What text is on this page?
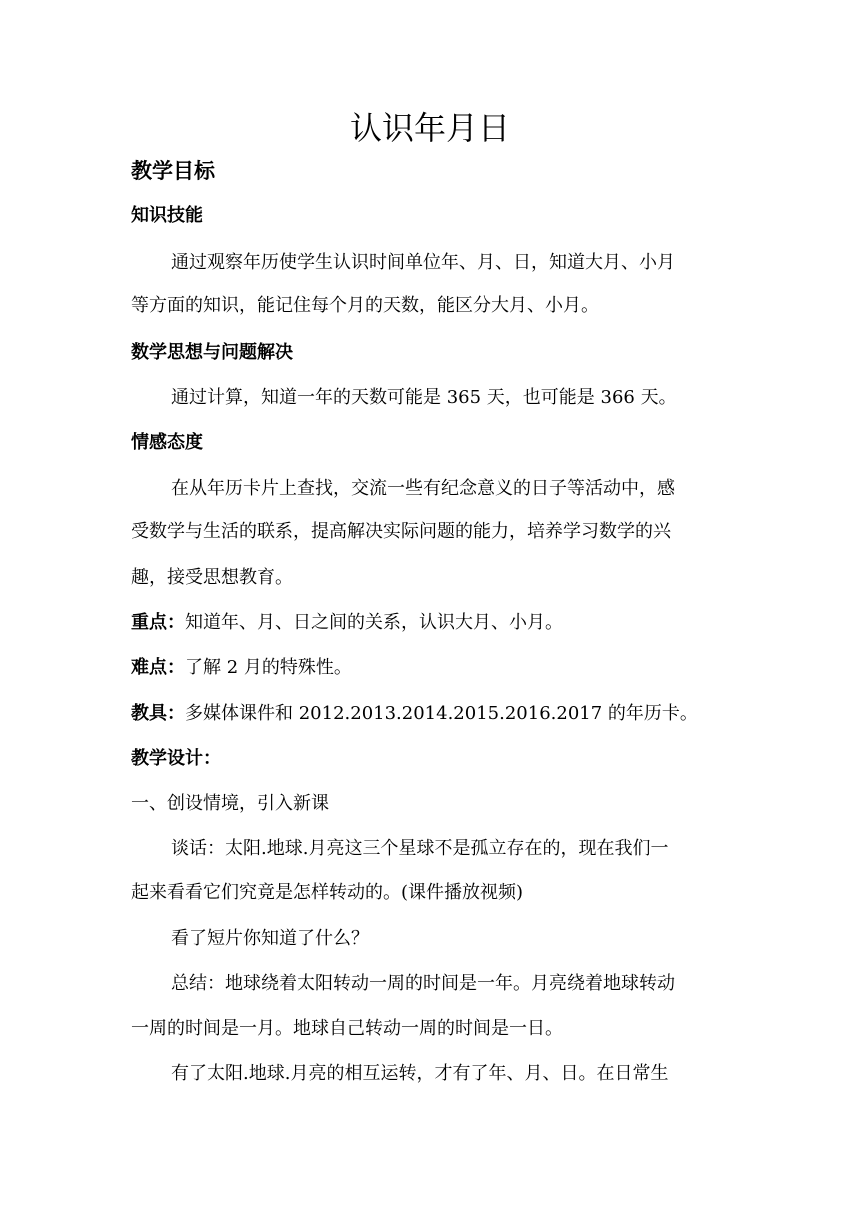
认识年月日
教学目标
知识技能
通过观察年历使学生认识时间单位年、月、日，知道大月、小月
等方面的知识，能记住每个月的天数，能区分大月、小月。
数学思想与问题解决
通过计算，知道一年的天数可能是 365 天，也可能是 366 天。
情感态度
在从年历卡片上查找，交流一些有纪念意义的日子等活动中，感
受数学与生活的联系，提高解决实际问题的能力，培养学习数学的兴
趣，接受思想教育。
重点：知道年、月、日之间的关系，认识大月、小月。
难点：了解 2 月的特殊性。
教具：多媒体课件和 2012.2013.2014.2015.2016.2017 的年历卡。
教学设计：
一、创设情境，引入新课
谈话：太阳.地球.月亮这三个星球不是孤立存在的，现在我们一
起来看看它们究竟是怎样转动的。(课件播放视频)
看了短片你知道了什么？
总结：地球绕着太阳转动一周的时间是一年。月亮绕着地球转动
一周的时间是一月。地球自己转动一周的时间是一日。
有了太阳.地球.月亮的相互运转，才有了年、月、日。在日常生
